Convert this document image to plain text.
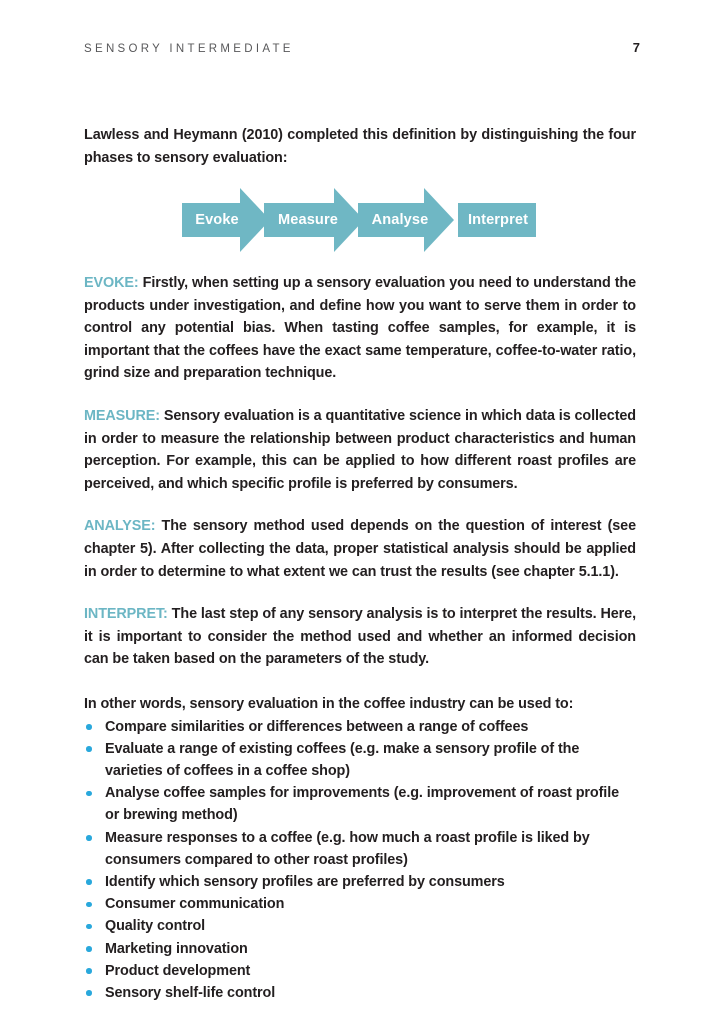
SENSORY INTERMEDIATE	7

Lawless and Heymann (2010) completed this definition by distinguishing the four phases to sensory evaluation:

Evoke	Measure	Analyse	Interpret

EVOKE: Firstly, when setting up a sensory evaluation you need to understand the products under investigation, and define how you want to serve them in order to control any potential bias. When tasting coffee samples, for example, it is important that the coffees have the exact same temperature, coffee-to-water ratio, grind size and preparation technique.

MEASURE: Sensory evaluation is a quantitative science in which data is collected in order to measure the relationship between product characteristics and human perception. For example, this can be applied to how different roast profiles are perceived, and which specific profile is preferred by consumers.

ANALYSE: The sensory method used depends on the question of interest (see chapter 5). After collecting the data, proper statistical analysis should be applied in order to determine to what extent we can trust the results (see chapter 5.1.1).

INTERPRET: The last step of any sensory analysis is to interpret the results. Here, it is important to consider the method used and whether an informed decision can be taken based on the parameters of the study.

In other words, sensory evaluation in the coffee industry can be used to:

Compare similarities or differences between a range of coffees
Evaluate a range of existing coffees (e.g. make a sensory profile of the varieties of coffees in a coffee shop)
Analyse coffee samples for improvements (e.g. improvement of roast profile or brewing method)
Measure responses to a coffee (e.g. how much a roast profile is liked by consumers compared to other roast profiles)
Identify which sensory profiles are preferred by consumers
Consumer communication
Quality control
Marketing innovation
Product development
Sensory shelf-life control
